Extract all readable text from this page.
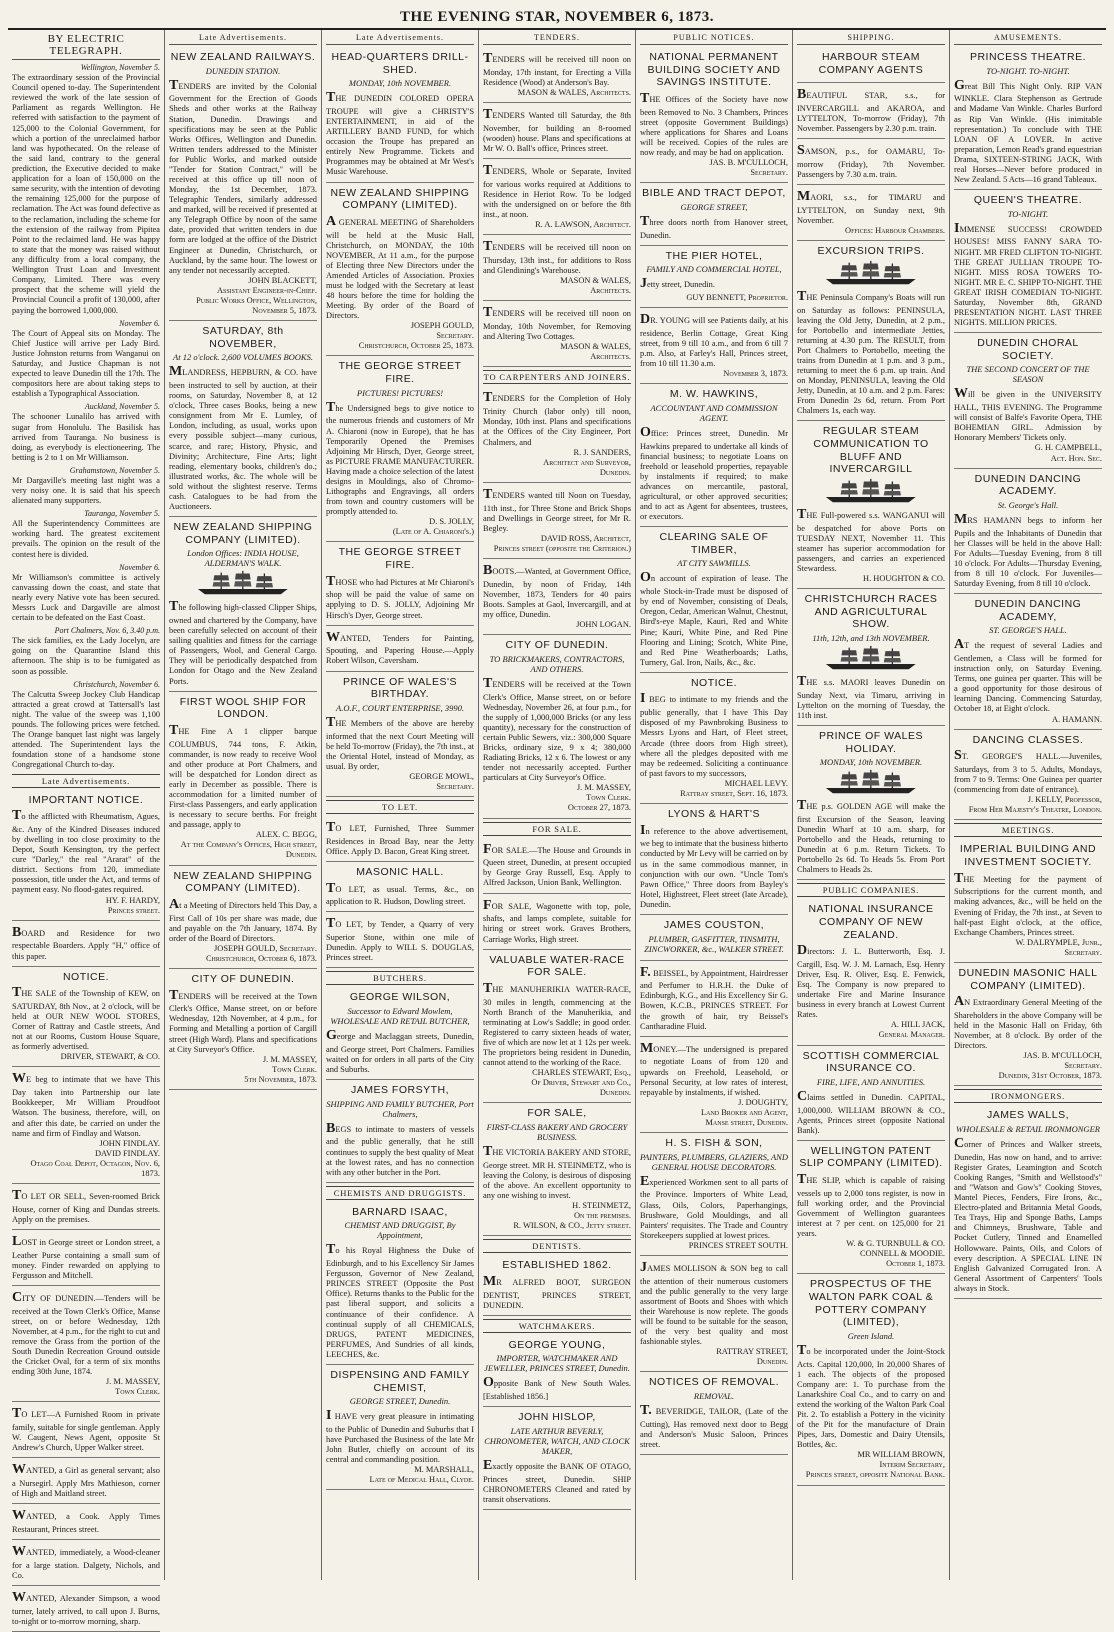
THE EVENING STAR, NOVEMBER 6, 1873.
BY ELECTRIC TELEGRAPH.
Wellington, November 5.
The extraordinary session of the Provincial Council opened to-day. The Superintendent reviewed the work of the late session of Parliament as regards Wellington. He referred with satisfaction to the payment of 125,000 to the Colonial Government, for which a portion of the unreclaimed harbor land was hypothecated. On the release of the said land, contrary to the general prediction, the Executive decided to make application for a loan of 150,000 on the same security, with the intention of devoting the remaining 125,000 for the purpose of reclamation. The Act was found defective as to the reclamation, including the scheme for the extension of the railway from Pipitea Point to the reclaimed land. He was happy to state that the money was raised without any difficulty from a local company, the Wellington Trust Loan and Investment Company, Limited. There was every prospect that the scheme will yield the Provincial Council a profit of 130,000, after paying the borrowed 1,000,000.
November 6.
The Court of Appeal sits on Monday. The Chief Justice will arrive per Lady Bird. Justice Johnston returns from Wanganui on Saturday, and Justice Chapman is not expected to leave Dunedin till the 17th. The compositors here are about taking steps to establish a Typographical Association.
Auckland, November 5.
The schooner Lunalilo has arrived with sugar from Honolulu. The Basilisk has arrived from Tauranga. No business is doing, as everybody is electioneering. The betting is 2 to 1 on Mr Williamson.
Grahamstown, November 5.
Mr Dargaville's meeting last night was a very noisy one. It is said that his speech alienated many supporters.
Tauranga, November 5.
All the Superintendency Committees are working hard. The greatest excitement prevails. The opinion on the result of the contest here is divided.
November 6.
Mr Williamson's committee is actively canvassing down the coast, and state that nearly every Native vote has been secured. Messrs Luck and Dargaville are almost certain to be defeated on the East Coast.
Port Chalmers, Nov. 6, 3.40 p.m.
The sick families, ex the Lady Jocelyn, are going on the Quarantine Island this afternoon. The ship is to be fumigated as soon as possible.
Christchurch, November 6.
The Calcutta Sweep Jockey Club Handicap attracted a great crowd at Tattersall's last night. The value of the sweep was 1,100 pounds. The following prices were fetched. The Orange banquet last night was largely attended. The Superintendent lays the foundation stone of a handsome stone Congregational Church to-day.
Late Advertisements.
IMPORTANT NOTICE.
To the afflicted with Rheumatism, Agues, &c. Any of the Kindred Diseases induced by dwelling in too close proximity to the Depot, South Kensington, try the perfect cure "Darley," the real "Ararat" of the district. Sections from 120, immediate possession, title under the Act, and terms of payment easy. No flood-gates required.
HY. F. HARDY,
Princes street.
BOARD and Residence for two respectable Boarders. Apply "H," office of this paper.
NOTICE.
THE SALE of the Township of KEW, on SATURDAY, 8th Nov., at 2 o'clock, will be held at OUR NEW WOOL STORES, Corner of Rattray and Castle streets, And not at our Rooms, Custom House Square, as formerly advertised.
DRIVER, STEWART, & CO.
WE beg to intimate that we have This Day taken into Partnership our late Bookkeeper, Mr William Proudfoot Watson. The business, therefore, will, on and after this date, be carried on under the name and firm of Findlay and Watson.
JOHN FINDLAY.
DAVID FINDLAY.
Otago Coal Depot, Octagon, Nov. 6, 1873.
TO LET OR SELL, Seven-roomed Brick House, corner of King and Dundas streets. Apply on the premises.
LOST in George street or London street, a Leather Purse containing a small sum of money. Finder rewarded on applying to Fergusson and Mitchell.
CITY OF DUNEDIN.—Tenders will be received at the Town Clerk's Office, Manse street, on or before Wednesday, 12th November, at 4 p.m., for the right to cut and remove the Grass from the portion of the South Dunedin Recreation Ground outside the Cricket Oval, for a term of six months ending 30th June, 1874.
J. M. MASSEY,
Town Clerk.
TO LET—A Furnished Room in private family, suitable for single gentleman. Apply W. Caugent, News Agent, opposite St Andrew's Church, Upper Walker street.
WANTED, a Girl as general servant; also a Nursegirl. Apply Mrs Mathieson, corner of High and Maitland street.
WANTED, a Cook. Apply Times Restaurant, Princes street.
WANTED, immediately, a Wood-cleaner for a large station. Dalgety, Nichols, and Co.
WANTED, Alexander Simpson, a wood turner, lately arrived, to call upon J. Burns, to-night or to-morrow morning, sharp.
Late Advertisements.
NEW ZEALAND RAILWAYS.
DUNEDIN STATION.
TENDERS are invited by the Colonial Government for the Erection of Goods Sheds and other works at the Railway Station, Dunedin. Drawings and specifications may be seen at the Public Works Offices, Wellington and Dunedin. Written tenders addressed to the Minister for Public Works, and marked outside "Tender for Station Contract," will be received at this office up till noon of Monday, the 1st December, 1873. Telegraphic Tenders, similarly addressed and marked, will be received if presented at any Telegraph Office by noon of the same date, provided that written tenders in due form are lodged at the office of the District Engineer at Dunedin, Christchurch, or Auckland, by the same hour. The lowest or any tender not necessarily accepted.
JOHN BLACKETT,
Assistant Engineer-in-Chief.
Public Works Office, Wellington, November 5, 1873.
SATURDAY, 8th NOVEMBER,
At 12 o'clock. 2,600 VOLUMES BOOKS.
MLANDRESS, HEPBURN, & CO. have been instructed to sell by auction, at their rooms, on Saturday, November 8, at 12 o'clock, Three cases Books, being a new consignment from Mr E. Lumley, of London, including, as usual, works upon every possible subject—many curious, scarce, and rare; History, Physic, and Divinity; Architecture, Fine Arts; light reading, elementary books, children's do.; illustrated works, &c. The whole will be sold without the slightest reserve. Terms cash. Catalogues to be had from the Auctioneers.
NEW ZEALAND SHIPPING COMPANY (LIMITED).
London Offices: INDIA HOUSE, ALDERMAN'S WALK.
The following high-classed Clipper Ships, owned and chartered by the Company, have been carefully selected on account of their sailing qualities and fitness for the carriage of Passengers, Wool, and General Cargo. They will be periodically despatched from London for Otago and the New Zealand Ports.
FIRST WOOL SHIP FOR LONDON.
THE Fine A 1 clipper barque COLUMBUS, 744 tons, F. Atkin, commander, is now ready to receive Wool and other produce at Port Chalmers, and will be despatched for London direct as early in December as possible. There is accommodation for a limited number of First-class Passengers, and early application is necessary to secure berths. For freight and passage, apply to
ALEX. C. BEGG,
At the Company's Offices, High street, Dunedin.
NEW ZEALAND SHIPPING COMPANY (LIMITED).
At a Meeting of Directors held This Day, a First Call of 10s per share was made, due and payable on the 7th January, 1874. By order of the Board of Directors.
JOSEPH GOULD, Secretary.
Christchurch, October 6, 1873.
CITY OF DUNEDIN.
TENDERS will be received at the Town Clerk's Office, Manse street, on or before Wednesday, 12th November, at 4 p.m., for Forming and Metalling a portion of Cargill street (High Ward). Plans and specifications at City Surveyor's Office.
J. M. MASSEY,
Town Clerk.
5th November, 1873.
Late Advertisements.
HEAD-QUARTERS DRILL-SHED.
MONDAY, 10th NOVEMBER.
THE DUNEDIN COLORED OPERA TROUPE will give a CHRISTY'S ENTERTAINMENT, in aid of the ARTILLERY BAND FUND, for which occasion the Troupe has prepared an entirely New Programme. Tickets and Programmes may be obtained at Mr West's Music Warehouse.
NEW ZEALAND SHIPPING COMPANY (LIMITED).
A GENERAL MEETING of Shareholders will be held at the Music Hall, Christchurch, on MONDAY, the 10th NOVEMBER, At 11 a.m., for the purpose of Electing three New Directors under the Amended Articles of Association. Proxies must be lodged with the Secretary at least 48 hours before the time for holding the Meeting. By order of the Board of Directors.
JOSEPH GOULD,
Secretary.
Christchurch, October 25, 1873.
THE GEORGE STREET FIRE.
PICTURES! PICTURES!
The Undersigned begs to give notice to the numerous friends and customers of Mr A. Chiaroni (now in Europe), that he has Temporarily Opened the Premises Adjoining Mr Hirsch, Dyer, George street, as PICTURE FRAME MANUFACTURER. Having made a choice selection of the latest designs in Mouldings, also of Chromo-Lithographs and Engravings, all orders from town and country customers will be promptly attended to.
D. S. JOLLY,
(Late of A. Chiaroni's.)
THE GEORGE STREET FIRE.
THOSE who had Pictures at Mr Chiaroni's shop will be paid the value of same on applying to D. S. JOLLY, Adjoining Mr Hirsch's Dyer, George street.
WANTED, Tenders for Painting, Spouting, and Papering House.—Apply Robert Wilson, Caversham.
PRINCE OF WALES'S BIRTHDAY.
A.O.F., COURT ENTERPRISE, 3990.
THE Members of the above are hereby informed that the next Court Meeting will be held To-morrow (Friday), the 7th inst., at the Oriental Hotel, instead of Monday, as usual. By order,
GEORGE MOWL,
Secretary.
TO LET.
TO LET, Furnished, Three Summer Residences in Broad Bay, near the Jetty Office. Apply D. Bacon, Great King street.
MASONIC HALL.
TO LET, as usual. Terms, &c., on application to R. Hudson, Dowling street.
TO LET, by Tender, a Quarry of very Superior Stone, within one mile of Dunedin. Apply to WILL S. DOUGLAS, Princes street.
BUTCHERS.
GEORGE WILSON,
Successor to Edward Mowlem, WHOLESALE AND RETAIL BUTCHER,
George and Maclaggan streets, Dunedin, and George street, Port Chalmers. Families waited on for orders in all parts of the City and Suburbs.
JAMES FORSYTH,
SHIPPING AND FAMILY BUTCHER, Port Chalmers,
BEGS to intimate to masters of vessels and the public generally, that he still continues to supply the best quality of Meat at the lowest rates, and has no connection with any other butcher in the Port.
CHEMISTS AND DRUGGISTS.
BARNARD ISAAC,
CHEMIST AND DRUGGIST, By Appointment,
To his Royal Highness the Duke of Edinburgh, and to his Excellency Sir James Fergusson, Governor of New Zealand, PRINCES STREET (Opposite the Post Office). Returns thanks to the Public for the past liberal support, and solicits a continuance of their confidence. A continual supply of all CHEMICALS, DRUGS, PATENT MEDICINES, PERFUMES, And Sundries of all kinds, LEECHES, &c.
DISPENSING AND FAMILY CHEMIST,
GEORGE STREET, Dunedin.
I HAVE very great pleasure in intimating to the Public of Dunedin and Suburbs that I have Purchased the Business of the late Mr John Butler, chiefly on account of its central and commanding position.
M. MARSHALL,
Late of Medical Hall, Clyde.
TENDERS.
TENDERS will be received till noon on Monday, 17th instant, for Erecting a Villa Residence (Wood) at Anderson's Bay.
MASON & WALES, Architects.
TENDERS Wanted till Saturday, the 8th November, for building an 8-roomed (wooden) house. Plans and specifications at Mr W. O. Ball's office, Princes street.
TENDERS, Whole or Separate, Invited for various works required at Additions to Residence in Heriot Row. To be lodged with the undersigned on or before the 8th inst., at noon.
R. A. LAWSON, Architect.
TENDERS will be received till noon on Thursday, 13th inst., for additions to Ross and Glendining's Warehouse.
MASON & WALES,
Architects.
TENDERS will be received till noon on Monday, 10th November, for Removing and Altering Two Cottages.
MASON & WALES,
Architects.
TO CARPENTERS AND JOINERS.
TENDERS for the Completion of Holy Trinity Church (labor only) till noon, Monday, 10th inst. Plans and specifications at the Offices of the City Engineer, Port Chalmers, and
R. J. SANDERS,
Architect and Surveyor,
Dunedin.
TENDERS wanted till Noon on Tuesday, 11th inst., for Three Stone and Brick Shops and Dwellings in George street, for Mr R. Begley.
DAVID ROSS, Architect,
Princes street (opposite the Criterion.)
BOOTS.—Wanted, at Government Office, Dunedin, by noon of Friday, 14th November, 1873, Tenders for 40 pairs Boots. Samples at Gaol, Invercargill, and at my office, Dunedin.
JOHN LOGAN.
CITY OF DUNEDIN.
TO BRICKMAKERS, CONTRACTORS, AND OTHERS.
TENDERS will be received at the Town Clerk's Office, Manse street, on or before Wednesday, November 26, at four p.m., for the supply of 1,000,000 Bricks (or any less quantity), necessary for the construction of certain Public Sewers, viz.: 300,000 Square Bricks, ordinary size, 9 x 4; 380,000 Radiating Bricks, 12 x 6. The lowest or any tender not necessarily accepted. Further particulars at City Surveyor's Office.
J. M. MASSEY,
Town Clerk.
October 27, 1873.
FOR SALE.
FOR SALE.—The House and Grounds in Queen street, Dunedin, at present occupied by George Gray Russell, Esq. Apply to Alfred Jackson, Union Bank, Wellington.
FOR SALE, Wagonette with top, pole, shafts, and lamps complete, suitable for hiring or street work. Graves Brothers, Carriage Works, High street.
VALUABLE WATER-RACE FOR SALE.
THE MANUHERIKIA WATER-RACE, 30 miles in length, commencing at the North Branch of the Manuherikia, and terminating at Low's Saddle; in good order. Registered to carry sixteen heads of water, five of which are now let at 1 12s per week. The proprietors being resident in Dunedin, cannot attend to the working of the Race.
CHARLES STEWART, Esq.,
Of Driver, Stewart and Co.,
Dunedin.
FOR SALE,
FIRST-CLASS BAKERY AND GROCERY BUSINESS.
THE VICTORIA BAKERY AND STORE, George street. MR H. STEINMETZ, who is leaving the Colony, is desirous of disposing of the above. An excellent opportunity to any one wishing to invest.
H. STEINMETZ,
On the premises.
R. WILSON, & CO., Jetty street.
DENTISTS.
ESTABLISHED 1862.
MR ALFRED BOOT, SURGEON DENTIST, PRINCES STREET, DUNEDIN.
WATCHMAKERS.
GEORGE YOUNG,
IMPORTER, WATCHMAKER AND JEWELLER, PRINCES STREET, Dunedin.
Opposite Bank of New South Wales. [Established 1856.]
JOHN HISLOP,
LATE ARTHUR BEVERLY, CHRONOMETER, WATCH, AND CLOCK MAKER,
Exactly opposite the BANK OF OTAGO, Princes street, Dunedin. SHIP CHRONOMETERS Cleaned and rated by transit observations.
PUBLIC NOTICES.
NATIONAL PERMANENT BUILDING SOCIETY AND SAVINGS INSTITUTE.
THE Offices of the Society have now been Removed to No. 3 Chambers, Princes street (opposite Government Buildings) where applications for Shares and Loans will be received. Copies of the rules are now ready, and may be had on application.
JAS. B. M'CULLOCH,
Secretary.
BIBLE AND TRACT DEPOT,
GEORGE STREET,
Three doors north from Hanover street, Dunedin.
THE PIER HOTEL,
FAMILY AND COMMERCIAL HOTEL,
Jetty street, Dunedin.
GUY BENNETT, Proprietor.
DR. YOUNG will see Patients daily, at his residence, Berlin Cottage, Great King street, from 9 till 10 a.m., and from 6 till 7 p.m. Also, at Farley's Hall, Princes street, from 10 till 11.30 a.m.
November 3, 1873.
M. W. HAWKINS,
ACCOUNTANT AND COMMISSION AGENT.
Office: Princes street, Dunedin. Mr Hawkins prepared to undertake all kinds of financial business; to negotiate Loans on freehold or leasehold properties, repayable by instalments if required; to make advances on mercantile, pastoral, agricultural, or other approved securities; and to act as Agent for absentees, trustees, or executors.
CLEARING SALE OF TIMBER,
AT CITY SAWMILLS.
On account of expiration of lease. The whole Stock-in-Trade must be disposed of by end of November, consisting of Deals, Oregon, Cedar, American Walnut, Chestnut, Bird's-eye Maple, Kauri, Red and White Pine; Kauri, White Pine, and Red Pine Flooring and Lining; Scotch, White Pine, and Red Pine Weatherboards; Laths, Turnery, Gal. Iron, Nails, &c., &c.
NOTICE.
I BEG to intimate to my friends and the public generally, that I have This Day disposed of my Pawnbroking Business to Messrs Lyons and Hart, of Fleet street, Arcade (three doors from High street), where all the pledges deposited with me may be redeemed. Soliciting a continuance of past favors to my successors,
MICHAEL LEVY.
Rattray street, Sept. 16, 1873.
LYONS & HART'S
In reference to the above advertisement, we beg to intimate that the business hitherto conducted by Mr Levy will be carried on by us in the same commodious manner, in conjunction with our own. "Uncle Tom's Pawn Office," Three doors from Bayley's Hotel, Highstreet, Fleet street (late Arcade), Dunedin.
JAMES COUSTON,
PLUMBER, GASFITTER, TINSMITH, ZINCWORKER, &c., WALKER STREET.
F. BEISSEL, by Appointment, Hairdresser and Perfumer to H.R.H. the Duke of Edinburgh, K.G., and His Excellency Sir G. Bowen, K.C.B., PRINCES STREET. For the growth of hair, try Beissel's Cantharadine Fluid.
MONEY.—The undersigned is prepared to negotiate Loans of from 120 and upwards on Freehold, Leasehold, or Personal Security, at low rates of interest, repayable by instalments, if wished.
J. DOUGHTY,
Land Broker and Agent,
Manse street, Dunedin.
H. S. FISH & SON,
PAINTERS, PLUMBERS, GLAZIERS, AND GENERAL HOUSE DECORATORS.
Experienced Workmen sent to all parts of the Province. Importers of White Lead, Glass, Oils, Colors, Paperhangings, Brushware, Gold Mouldings, and all Painters' requisites. The Trade and Country Storekeepers supplied at lowest prices.
PRINCES STREET SOUTH.
JAMES MOLLISON & SON beg to call the attention of their numerous customers and the public generally to the very large assortment of Boots and Shoes with which their Warehouse is now replete. The goods will be found to be suitable for the season, of the very best quality and most fashionable styles.
RATTRAY STREET,
Dunedin.
NOTICES OF REMOVAL.
REMOVAL.
T. BEVERIDGE, TAILOR, (Late of the Cutting), Has removed next door to Begg and Anderson's Music Saloon, Princes street.
SHIPPING.
HARBOUR STEAM COMPANY AGENTS
BEAUTIFUL STAR, s.s., for INVERCARGILL and AKAROA, and LYTTELTON, To-morrow (Friday), 7th November. Passengers by 2.30 p.m. train.
SAMSON, p.s., for OAMARU, To-morrow (Friday), 7th November. Passengers by 7.30 a.m. train.
MAORI, s.s., for TIMARU and LYTTELTON, on Sunday next, 9th November.
Offices: Harbour Chambers.
EXCURSION TRIPS.
THE Peninsula Company's Boats will run on Saturday as follows: PENINSULA, leaving the Old Jetty, Dunedin, at 2 p.m., for Portobello and intermediate Jetties, returning at 4.30 p.m. The RESULT, from Port Chalmers to Portobello, meeting the trains from Dunedin at 1 p.m. and 3 p.m., returning to meet the 6 p.m. up train. And on Monday, PENINSULA, leaving the Old Jetty, Dunedin, at 10 a.m. and 2 p.m. Fares: From Dunedin 2s 6d, return. From Port Chalmers 1s, each way.
REGULAR STEAM COMMUNICATION TO BLUFF AND INVERCARGILL
THE Full-powered s.s. WANGANUI will be despatched for above Ports on TUESDAY NEXT, November 11. This steamer has superior accommodation for passengers, and carries an experienced Stewardess.
H. HOUGHTON & CO.
CHRISTCHURCH RACES AND AGRICULTURAL SHOW.
11th, 12th, and 13th NOVEMBER.
THE s.s. MAORI leaves Dunedin on Sunday Next, via Timaru, arriving in Lyttelton on the morning of Tuesday, the 11th inst.
PRINCE OF WALES HOLIDAY.
MONDAY, 10th NOVEMBER.
THE p.s. GOLDEN AGE will make the first Excursion of the Season, leaving Dunedin Wharf at 10 a.m. sharp, for Portobello and the Heads, returning to Dunedin at 6 p.m. Return Tickets. To Portobello 2s 6d. To Heads 5s. From Port Chalmers to Heads 2s.
PUBLIC COMPANIES.
NATIONAL INSURANCE COMPANY OF NEW ZEALAND.
Directors: J. L. Butterworth, Esq. J. Cargill, Esq. W. J. M. Larnach, Esq. Henry Driver, Esq. R. Oliver, Esq. E. Fenwick, Esq. The Company is now prepared to undertake Fire and Marine Insurance business in every branch at Lowest Current Rates.
A. HILL JACK,
General Manager.
SCOTTISH COMMERCIAL INSURANCE CO.
FIRE, LIFE, AND ANNUITIES.
Claims settled in Dunedin. CAPITAL, 1,000,000. WILLIAM BROWN & CO., Agents, Princes street (opposite National Bank).
WELLINGTON PATENT SLIP COMPANY (LIMITED).
THE SLIP, which is capable of raising vessels up to 2,000 tons register, is now in full working order, and the Provincial Government of Wellington guarantees interest at 7 per cent. on 125,000 for 21 years.
W. & G. TURNBULL & CO.
CONNELL & MOODIE.
October 1, 1873.
PROSPECTUS OF THE WALTON PARK COAL & POTTERY COMPANY (LIMITED),
Green Island.
To be incorporated under the Joint-Stock Acts. Capital 120,000, In 20,000 Shares of 1 each. The objects of the proposed Company are: 1. To purchase from the Lanarkshire Coal Co., and to carry on and extend the working of the Walton Park Coal Pit. 2. To establish a Pottery in the vicinity of the Pit for the manufacture of Drain Pipes, Jars, Domestic and Dairy Utensils, Bottles, &c.
MR WILLIAM BROWN,
Interim Secretary,
Princes street, opposite National Bank.
AMUSEMENTS.
PRINCESS THEATRE.
TO-NIGHT. TO-NIGHT.
Great Bill This Night Only. RIP VAN WINKLE. Clara Stephenson as Gertrude and Madame Van Winkle. Charles Burford as Rip Van Winkle. (His inimitable representation.) To conclude with THE LOAN OF A LOVER. In active preparation, Lemon Read's grand equestrian Drama, SIXTEEN-STRING JACK, With real Horses—Never before produced in New Zealand. 5 Acts—16 grand Tableaux.
QUEEN'S THEATRE.
TO-NIGHT.
IMMENSE SUCCESS! CROWDED HOUSES! MISS FANNY SARA TO-NIGHT. MR FRED CLIFTON TO-NIGHT. THE GREAT JULLIAN TROUPE TO-NIGHT. MISS ROSA TOWERS TO-NIGHT. MR E. C. SHIPP TO-NIGHT. THE GREAT IRISH COMEDIAN TO-NIGHT. Saturday, November 8th, GRAND PRESENTATION NIGHT. LAST THREE NIGHTS. MILLION PRICES.
DUNEDIN CHORAL SOCIETY.
THE SECOND CONCERT OF THE SEASON
Will be given in the UNIVERSITY HALL, THIS EVENING. The Programme will consist of Balfe's Favorite Opera, THE BOHEMIAN GIRL. Admission by Honorary Members' Tickets only.
G. H. CAMPBELL,
Act. Hon. Sec.
DUNEDIN DANCING ACADEMY.
St. George's Hall.
MRS HAMANN begs to inform her Pupils and the Inhabitants of Dunedin that her Classes will be held in the above Hall: For Adults—Tuesday Evening, from 8 till 10 o'clock. For Adults—Thursday Evening, from 8 till 10 o'clock. For Juveniles—Saturday Evening, from 8 till 10 o'clock.
DUNEDIN DANCING ACADEMY,
ST. GEORGE'S HALL.
AT the request of several Ladies and Gentlemen, a Class will be formed for instruction only, on Saturday Evening. Terms, one guinea per quarter. This will be a good opportunity for those desirous of learning Dancing. Commencing Saturday, October 18, at Eight o'clock.
A. HAMANN.
DANCING CLASSES.
ST. GEORGE'S HALL.—Juveniles, Saturdays, from 3 to 5. Adults, Mondays, from 7 to 9. Terms: One Guinea per quarter (commencing from date of entrance).
J. KELLY, Professor,
From Her Majesty's Theatre, London.
MEETINGS.
IMPERIAL BUILDING AND INVESTMENT SOCIETY.
THE Meeting for the payment of Subscriptions for the current month, and making advances, &c., will be held on the Evening of Friday, the 7th inst., at Seven to half-past Eight o'clock, at the office, Exchange Chambers, Princes street.
W. DALRYMPLE, Junr.,
Secretary.
DUNEDIN MASONIC HALL COMPANY (LIMITED).
AN Extraordinary General Meeting of the Shareholders in the above Company will be held in the Masonic Hall on Friday, 6th November, at 8 o'clock. By order of the Directors.
JAS. B. M'CULLOCH,
Secretary.
Dunedin, 31st October, 1873.
IRONMONGERS.
JAMES WALLS,
WHOLESALE & RETAIL IRONMONGER
Corner of Princes and Walker streets, Dunedin, Has now on hand, and to arrive: Register Grates, Leamington and Scotch Cooking Ranges, "Smith and Wellstood's" and "Watson and Gow's" Cooking Stoves, Mantel Pieces, Fenders, Fire Irons, &c., Electro-plated and Britannia Metal Goods, Tea Trays, Hip and Sponge Baths, Lamps and Chimneys, Brushware, Table and Pocket Cutlery, Tinned and Enamelled Hollowware. Paints, Oils, and Colors of every description. A SPECIAL LINE IN English Galvanized Corrugated Iron. A General Assortment of Carpenters' Tools always in Stock.
